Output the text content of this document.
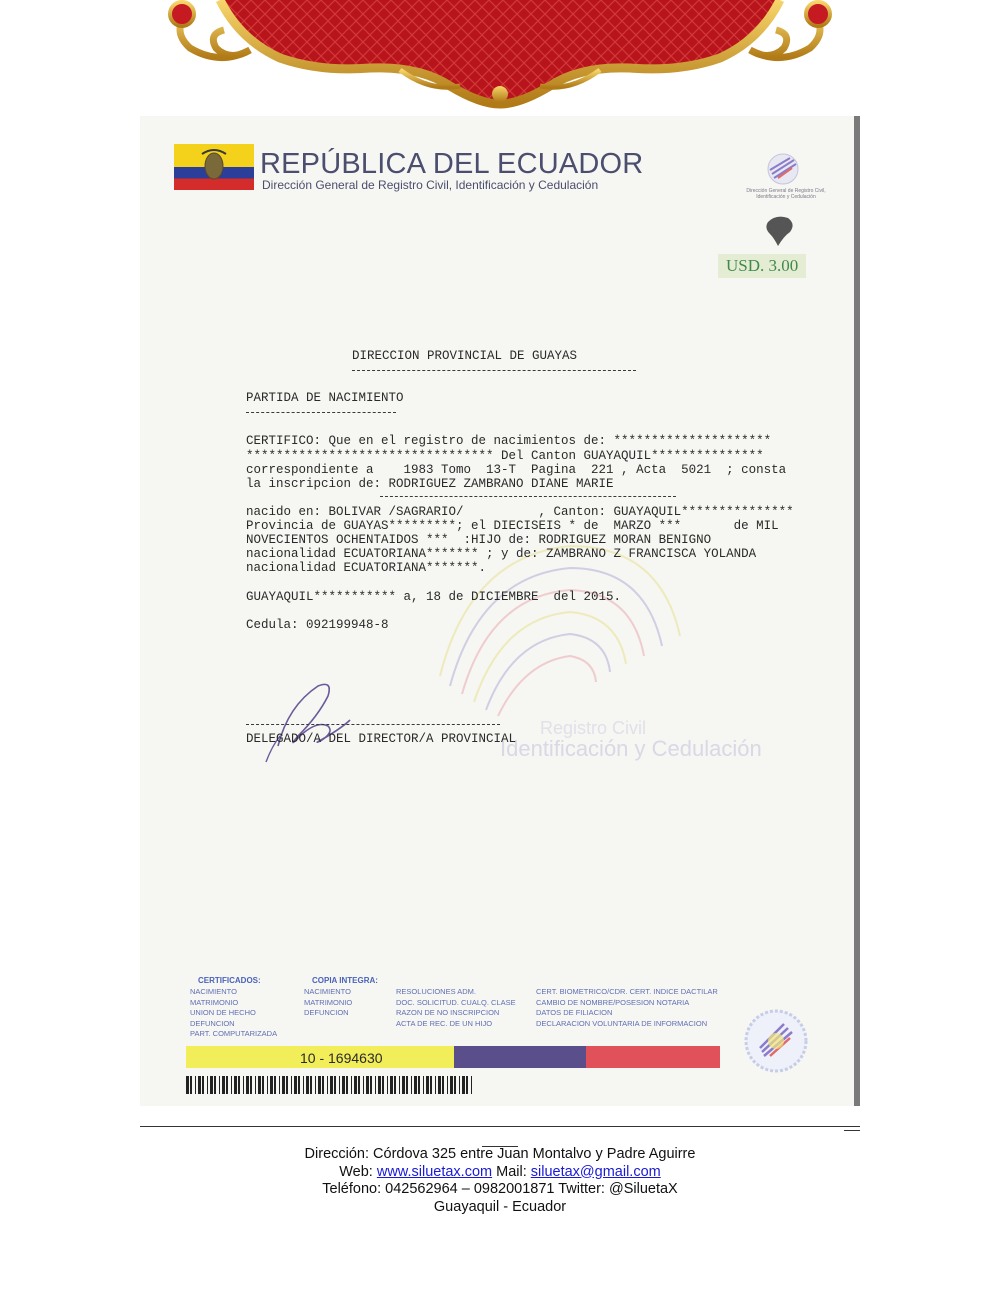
Identificación y Cedulación
Registro Civil
REPÚBLICA DEL ECUADOR
Dirección General de Registro Civil, Identificación y Cedulación	Dirección General de Registro Civil, Identificación y Cedulación
USD. 3.00
DIRECCION PROVINCIAL DE GUAYAS
PARTIDA DE NACIMIENTO
CERTIFICO: Que en el registro de nacimientos de: *********************
********************************* Del Canton GUAYAQUIL***************
correspondiente a    1983 Tomo  13-T  Pagina  221 , Acta  5021  ; consta
la inscripcion de: RODRIGUEZ ZAMBRANO DIANE MARIE
nacido en: BOLIVAR /SAGRARIO/          , Canton: GUAYAQUIL***************
Provincia de GUAYAS*********; el DIECISEIS * de  MARZO ***       de MIL
NOVECIENTOS OCHENTAIDOS ***  :HIJO de: RODRIGUEZ MORAN BENIGNO
nacionalidad ECUATORIANA******* ; y de: ZAMBRANO Z FRANCISCA YOLANDA
nacionalidad ECUATORIANA*******.
GUAYAQUIL*********** a, 18 de DICIEMBRE  del 2015.
Cedula: 092199948-8
DELEGADO/A DEL DIRECTOR/A PROVINCIAL
CERTIFICADOS:
NACIMIENTO
MATRIMONIO
UNION DE HECHO
DEFUNCION
PART. COMPUTARIZADA
COPIA INTEGRA:
NACIMIENTO
MATRIMONIO
DEFUNCION
RESOLUCIONES ADM.
DOC. SOLICITUD. CUALQ. CLASE
RAZON DE NO INSCRIPCION
ACTA DE REC. DE UN HIJO
CERT. BIOMETRICO/CDR. CERT. INDICE DACTILAR
CAMBIO DE NOMBRE/POSESION NOTARIA
DATOS DE FILIACION
DECLARACION VOLUNTARIA DE INFORMACION
10 - 1694630
Dirección: Córdova 325 entre Juan Montalvo y Padre Aguirre
Web: www.siluetax.com Mail: siluetax@gmail.com
Teléfono: 042562964 – 0982001871 Twitter: @SiluetaX
Guayaquil - Ecuador
